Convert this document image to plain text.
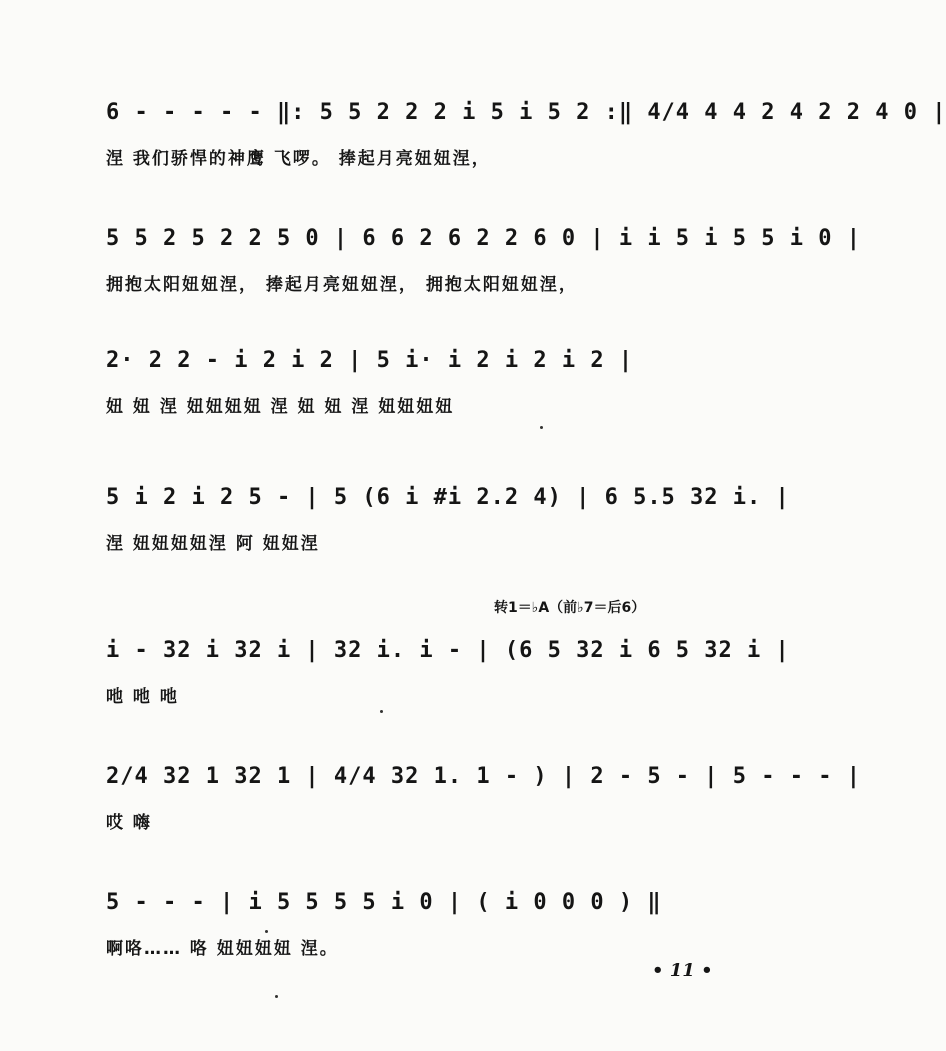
6 - - - - - ‖: 5 5 2 2 2 i 5 i 5 2 :‖ 4/4 4 4 2 4 2 2 4 0 |
涅 我们骄悍的神鹰 飞啰。 捧起月亮妞妞涅，
5 5 2 5 2 2 5 0 | 6 6 2 6 2 2 6 0 | i i 5 i 5 5 i 0 |
拥抱太阳妞妞涅， 捧起月亮妞妞涅， 拥抱太阳妞妞涅，
2· 2 2 - i 2 i 2 | 5 i· i 2 i 2 i 2 |
妞 妞 涅 妞妞妞妞 涅 妞 妞 涅 妞妞妞妞
5 i 2 i 2 5 - | 5 (6 i #i 2.2 4) | 6 5.5 32 i. |
涅 妞妞妞妞涅 阿 妞妞涅
转1＝♭A（前♭7＝后6）
i - 32 i 32 i | 32 i. i - | (6 5 32 i 6 5 32 i |
吔 吔 吔
2/4 32 1 32 1 | 4/4 32 1. 1 - ) | 2 - 5 - | 5 - - - |
哎 嗨
5 - - - | i 5 5 5 5 i 0 | ( i 0 0 0 ) ‖
啊咯…… 咯 妞妞妞妞 涅。
• 11 •
